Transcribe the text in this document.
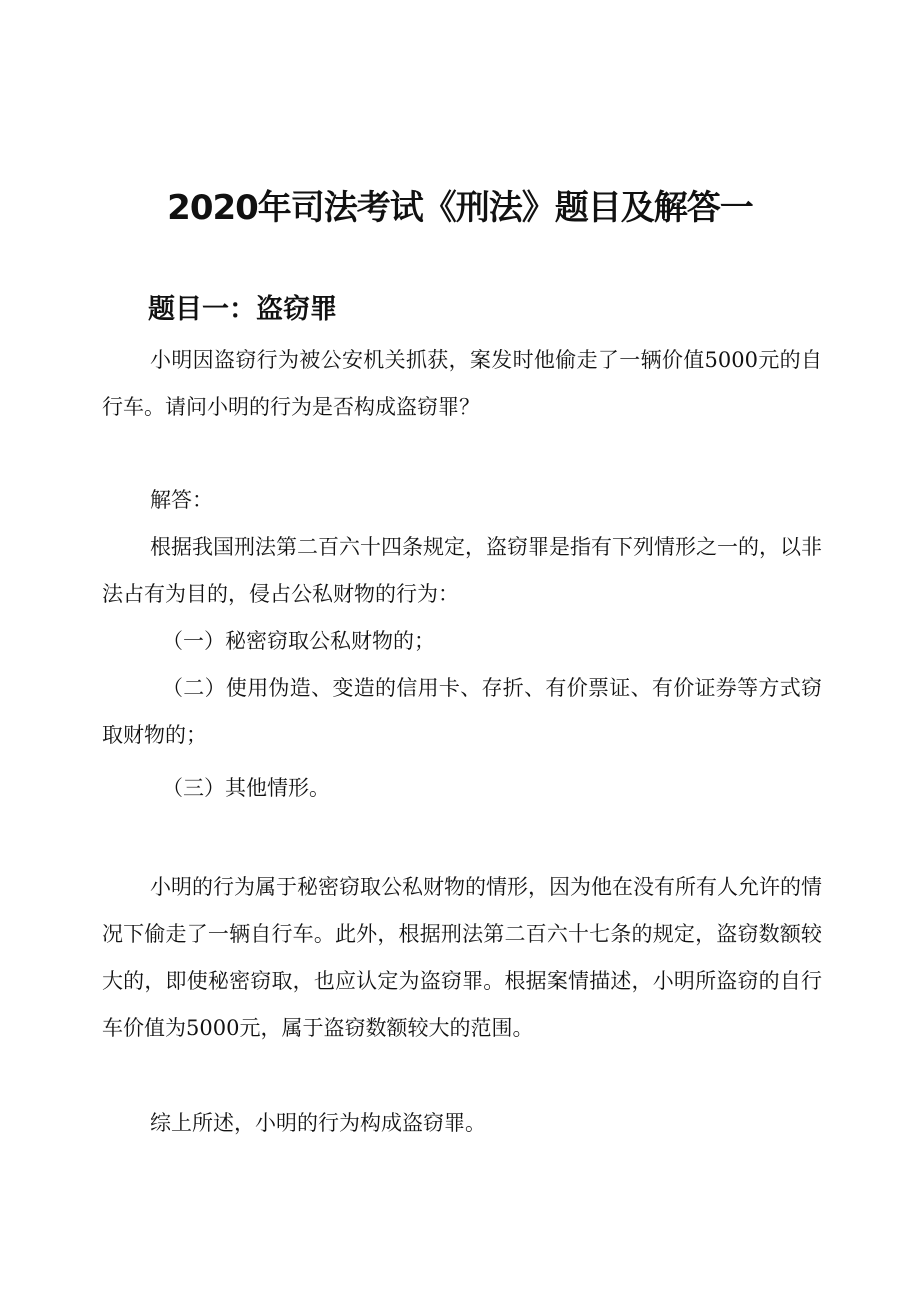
2020年司法考试《刑法》题目及解答一
题目一：盗窃罪

小明因盗窃行为被公安机关抓获，案发时他偷走了一辆价值5000元的自行车。请问小明的行为是否构成盗窃罪？

解答：

根据我国刑法第二百六十四条规定，盗窃罪是指有下列情形之一的，以非法占有为目的，侵占公私财物的行为：

（一）秘密窃取公私财物的；

（二）使用伪造、变造的信用卡、存折、有价票证、有价证券等方式窃取财物的；

（三）其他情形。

小明的行为属于秘密窃取公私财物的情形，因为他在没有所有人允许的情况下偷走了一辆自行车。此外，根据刑法第二百六十七条的规定，盗窃数额较大的，即使秘密窃取，也应认定为盗窃罪。根据案情描述，小明所盗窃的自行车价值为5000元，属于盗窃数额较大的范围。

综上所述，小明的行为构成盗窃罪。
